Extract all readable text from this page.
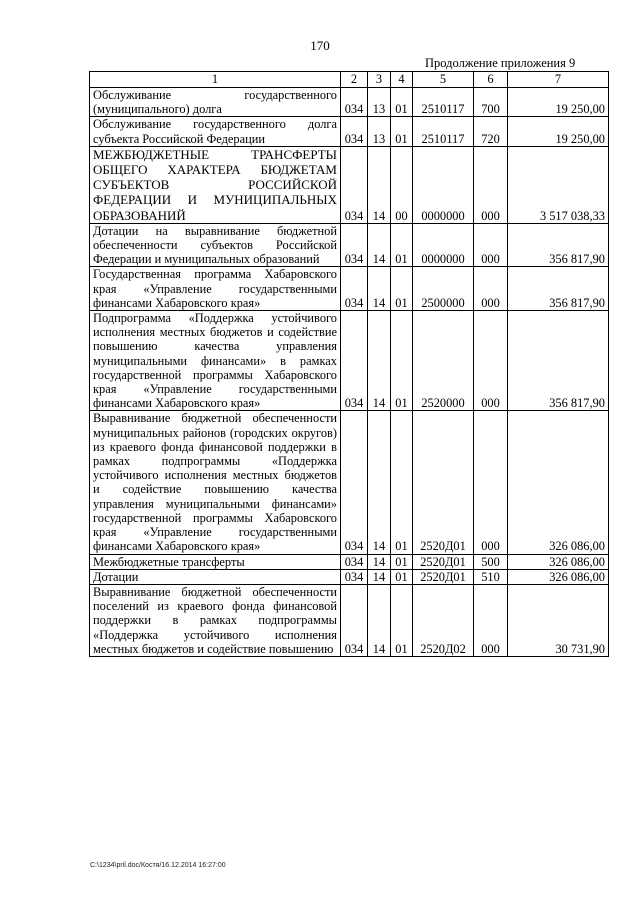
170
Продолжение приложения 9
1	2	3	4	5	6	7
Обслуживание государственного (муниципального) долга	034	13	01	2510117	700	19 250,00
Обслуживание государственного долга субъекта Российской Федерации	034	13	01	2510117	720	19 250,00
МЕЖБЮДЖЕТНЫЕ ТРАНСФЕРТЫ ОБЩЕГО ХАРАКТЕРА БЮДЖЕТАМ СУБЪЕКТОВ РОССИЙСКОЙ ФЕДЕРАЦИИ И МУНИЦИПАЛЬНЫХ ОБРАЗОВАНИЙ	034	14	00	0000000	000	3 517 038,33
Дотации на выравнивание бюджетной обеспеченности субъектов Российской Федерации и муниципальных образований	034	14	01	0000000	000	356 817,90
Государственная программа Хабаровского края «Управление государственными финансами Хабаровского края»	034	14	01	2500000	000	356 817,90
Подпрограмма «Поддержка устойчивого исполнения местных бюджетов и содействие повышению качества управления муниципальными финансами» в рамках государственной программы Хабаровского края «Управление государственными финансами Хабаровского края»	034	14	01	2520000	000	356 817,90
Выравнивание бюджетной обеспеченности муниципальных районов (городских округов) из краевого фонда финансовой поддержки в рамках подпрограммы «Поддержка устойчивого исполнения местных бюджетов и содействие повышению качества управления муниципальными финансами» государственной программы Хабаровского края «Управление государственными финансами Хабаровского края»	034	14	01	2520Д01	000	326 086,00
Межбюджетные трансферты	034	14	01	2520Д01	500	326 086,00
Дотации	034	14	01	2520Д01	510	326 086,00
Выравнивание бюджетной обеспеченности поселений из краевого фонда финансовой поддержки в рамках подпрограммы «Поддержка устойчивого исполнения местных бюджетов и содействие повышению	034	14	01	2520Д02	000	30 731,90
C:\1234\pril.doc/Костя/16.12.2014 16:27:00
